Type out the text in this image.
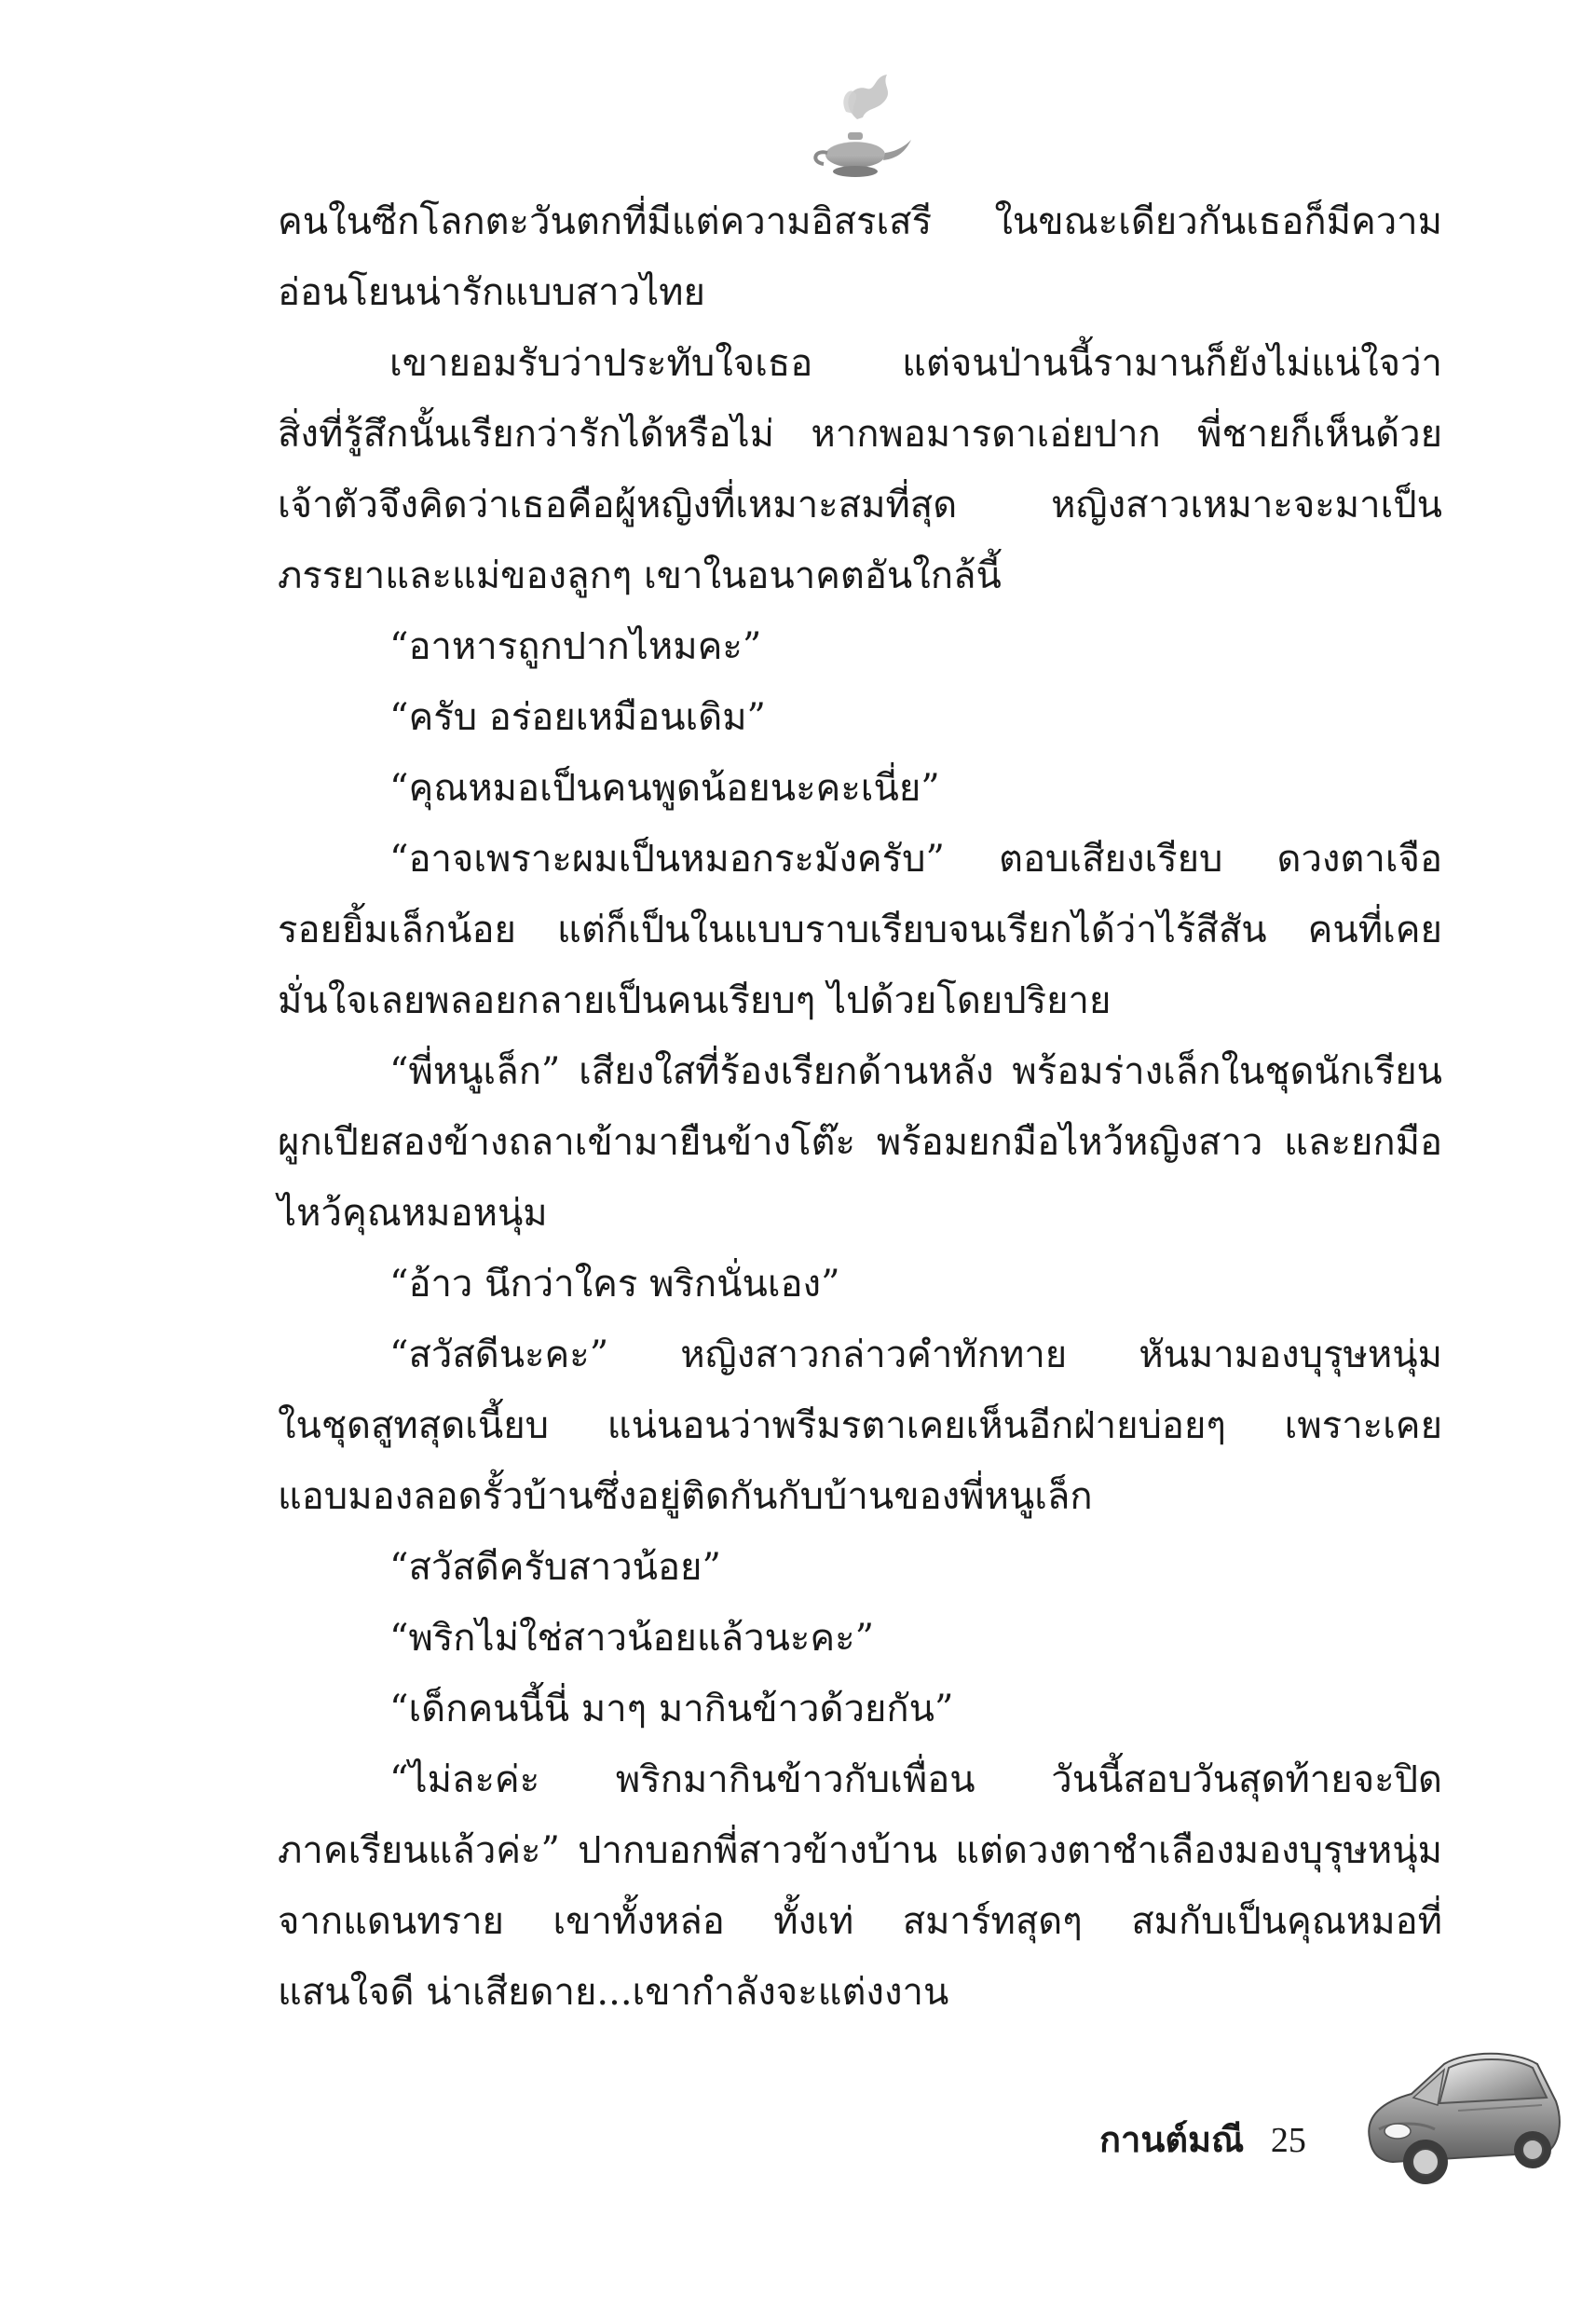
คนในซีกโลกตะวันตกที่มีแต่ความอิสรเสรี ในขณะเดียวกันเธอก็มีความ
อ่อนโยนน่ารักแบบสาวไทย
เขายอมรับว่าประทับใจเธอ แต่จนป่านนี้รามานก็ยังไม่แน่ใจว่า
สิ่งที่รู้สึกนั้นเรียกว่ารักได้หรือไม่ หากพอมารดาเอ่ยปาก พี่ชายก็เห็นด้วย
เจ้าตัวจึงคิดว่าเธอคือผู้หญิงที่เหมาะสมที่สุด หญิงสาวเหมาะจะมาเป็น
ภรรยาและแม่ของลูกๆ เขาในอนาคตอันใกล้นี้
“อาหารถูกปากไหมคะ”
“ครับ อร่อยเหมือนเดิม”
“คุณหมอเป็นคนพูดน้อยนะคะเนี่ย”
“อาจเพราะผมเป็นหมอกระมังครับ” ตอบเสียงเรียบ ดวงตาเจือ
รอยยิ้มเล็กน้อย แต่ก็เป็นในแบบราบเรียบจนเรียกได้ว่าไร้สีสัน คนที่เคย
มั่นใจเลยพลอยกลายเป็นคนเรียบๆ ไปด้วยโดยปริยาย
“พี่หนูเล็ก” เสียงใสที่ร้องเรียกด้านหลัง พร้อมร่างเล็กในชุดนักเรียน
ผูกเปียสองข้างถลาเข้ามายืนข้างโต๊ะ พร้อมยกมือไหว้หญิงสาว และยกมือ
ไหว้คุณหมอหนุ่ม
“อ้าว นึกว่าใคร พริกนั่นเอง”
“สวัสดีนะคะ” หญิงสาวกล่าวคำทักทาย หันมามองบุรุษหนุ่ม
ในชุดสูทสุดเนี้ยบ แน่นอนว่าพรีมรตาเคยเห็นอีกฝ่ายบ่อยๆ เพราะเคย
แอบมองลอดรั้วบ้านซึ่งอยู่ติดกันกับบ้านของพี่หนูเล็ก
“สวัสดีครับสาวน้อย”
“พริกไม่ใช่สาวน้อยแล้วนะคะ”
“เด็กคนนี้นี่ มาๆ มากินข้าวด้วยกัน”
“ไม่ละค่ะ พริกมากินข้าวกับเพื่อน วันนี้สอบวันสุดท้ายจะปิด
ภาคเรียนแล้วค่ะ” ปากบอกพี่สาวข้างบ้าน แต่ดวงตาชำเลืองมองบุรุษหนุ่ม
จากแดนทราย เขาทั้งหล่อ ทั้งเท่ สมาร์ทสุดๆ สมกับเป็นคุณหมอที่
แสนใจดี น่าเสียดาย...เขากำลังจะแต่งงาน
กานต์มณี 25
